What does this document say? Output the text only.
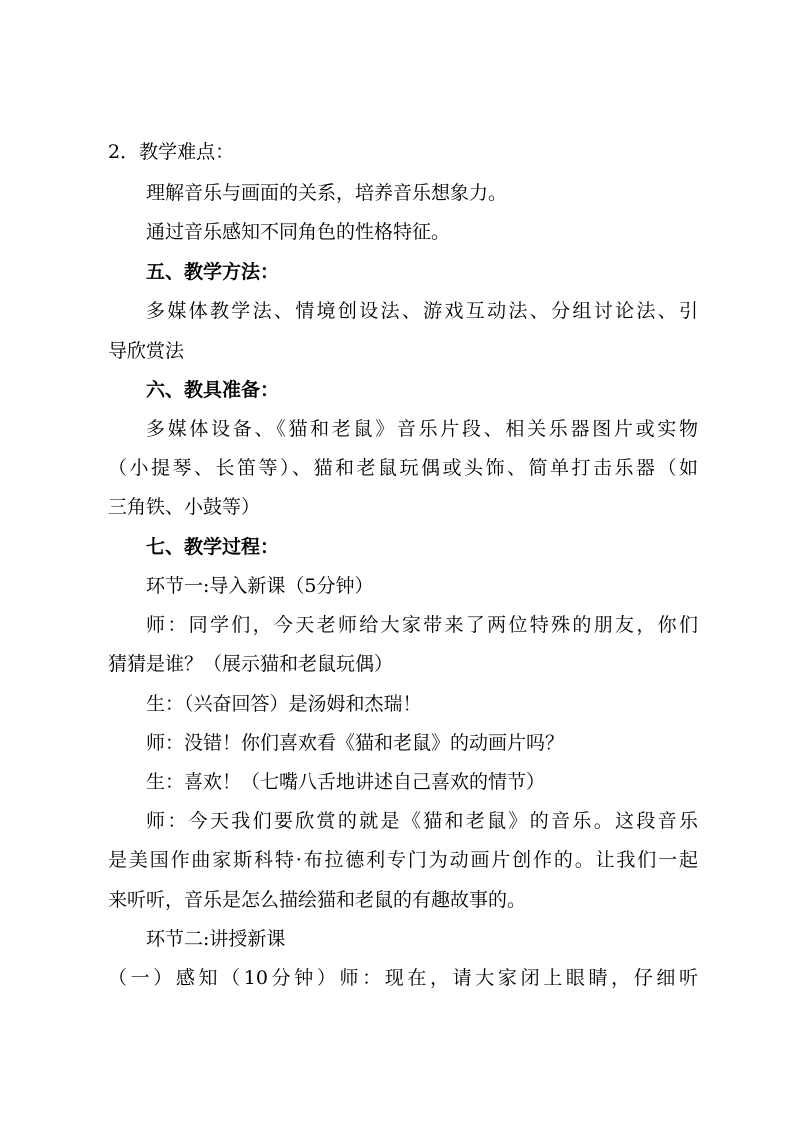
2．教学难点：
理解音乐与画面的关系，培养音乐想象力。
通过音乐感知不同角色的性格特征。
五、教学方法：
多媒体教学法、情境创设法、游戏互动法、分组讨论法、引
导欣赏法
六、教具准备：
多媒体设备、《猫和老鼠》音乐片段、相关乐器图片或实物
（小提琴、长笛等）、猫和老鼠玩偶或头饰、简单打击乐器（如
三角铁、小鼓等）
七、教学过程：
环节一:导入新课（5分钟）
师：同学们，今天老师给大家带来了两位特殊的朋友，你们
猜猜是谁？（展示猫和老鼠玩偶）
生：（兴奋回答）是汤姆和杰瑞！
师：没错！你们喜欢看《猫和老鼠》的动画片吗？
生：喜欢！（七嘴八舌地讲述自己喜欢的情节）
师：今天我们要欣赏的就是《猫和老鼠》的音乐。这段音乐
是美国作曲家斯科特·布拉德利专门为动画片创作的。让我们一起
来听听，音乐是怎么描绘猫和老鼠的有趣故事的。
环节二:讲授新课
（一）感知（10分钟）师：现在，请大家闭上眼睛，仔细听
